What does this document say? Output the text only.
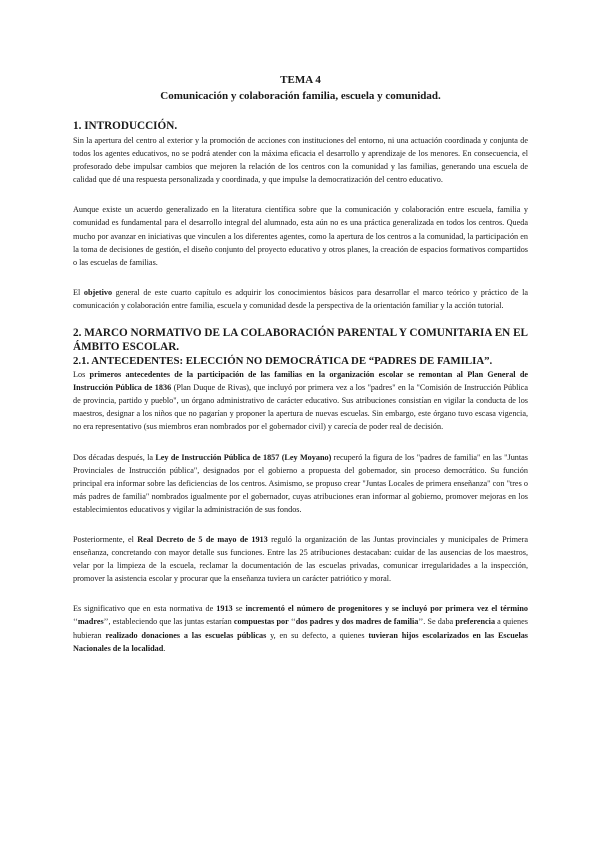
TEMA 4
Comunicación y colaboración familia, escuela y comunidad.
1. INTRODUCCIÓN.

Sin la apertura del centro al exterior y la promoción de acciones con instituciones del entorno, ni una actuación coordinada y conjunta de todos los agentes educativos, no se podrá atender con la máxima eficacia el desarrollo y aprendizaje de los menores. En consecuencia, el profesorado debe impulsar cambios que mejoren la relación de los centros con la comunidad y las familias, generando una escuela de calidad que dé una respuesta personalizada y coordinada, y que impulse la democratización del centro educativo.

Aunque existe un acuerdo generalizado en la literatura científica sobre que la comunicación y colaboración entre escuela, familia y comunidad es fundamental para el desarrollo integral del alumnado, esta aún no es una práctica generalizada en todos los centros. Queda mucho por avanzar en iniciativas que vinculen a los diferentes agentes, como la apertura de los centros a la comunidad, la participación en la toma de decisiones de gestión, el diseño conjunto del proyecto educativo y otros planes, la creación de espacios formativos compartidos o las escuelas de familias.

El objetivo general de este cuarto capítulo es adquirir los conocimientos básicos para desarrollar el marco teórico y práctico de la comunicación y colaboración entre familia, escuela y comunidad desde la perspectiva de la orientación familiar y la acción tutorial.

2. MARCO NORMATIVO DE LA COLABORACIÓN PARENTAL Y COMUNITARIA EN EL ÁMBITO ESCOLAR.
2.1. ANTECEDENTES: ELECCIÓN NO DEMOCRÁTICA DE “PADRES DE FAMILIA”.

Los primeros antecedentes de la participación de las familias en la organización escolar se remontan al Plan General de Instrucción Pública de 1836 (Plan Duque de Rivas), que incluyó por primera vez a los "padres" en la "Comisión de Instrucción Pública de provincia, partido y pueblo", un órgano administrativo de carácter educativo. Sus atribuciones consistían en vigilar la conducta de los maestros, designar a los niños que no pagarían y proponer la apertura de nuevas escuelas. Sin embargo, este órgano tuvo escasa vigencia, no era representativo (sus miembros eran nombrados por el gobernador civil) y carecía de poder real de decisión.

Dos décadas después, la Ley de Instrucción Pública de 1857 (Ley Moyano) recuperó la figura de los "padres de familia" en las "Juntas Provinciales de Instrucción pública", designados por el gobierno a propuesta del gobernador, sin proceso democrático. Su función principal era informar sobre las deficiencias de los centros. Asimismo, se propuso crear "Juntas Locales de primera enseñanza" con "tres o más padres de familia" nombrados igualmente por el gobernador, cuyas atribuciones eran informar al gobierno, promover mejoras en los establecimientos educativos y vigilar la administración de sus fondos.

Posteriormente, el Real Decreto de 5 de mayo de 1913 reguló la organización de las Juntas provinciales y municipales de Primera enseñanza, concretando con mayor detalle sus funciones. Entre las 25 atribuciones destacaban: cuidar de las ausencias de los maestros, velar por la limpieza de la escuela, reclamar la documentación de las escuelas privadas, comunicar irregularidades a la inspección, promover la asistencia escolar y procurar que la enseñanza tuviera un carácter patriótico y moral.

Es significativo que en esta normativa de 1913 se incrementó el número de progenitores y se incluyó por primera vez el término ‘‘madres’’, estableciendo que las juntas estarían compuestas por ‘‘dos padres y dos madres de familia’’. Se daba preferencia a quienes hubieran realizado donaciones a las escuelas públicas y, en su defecto, a quienes tuvieran hijos escolarizados en las Escuelas Nacionales de la localidad.
